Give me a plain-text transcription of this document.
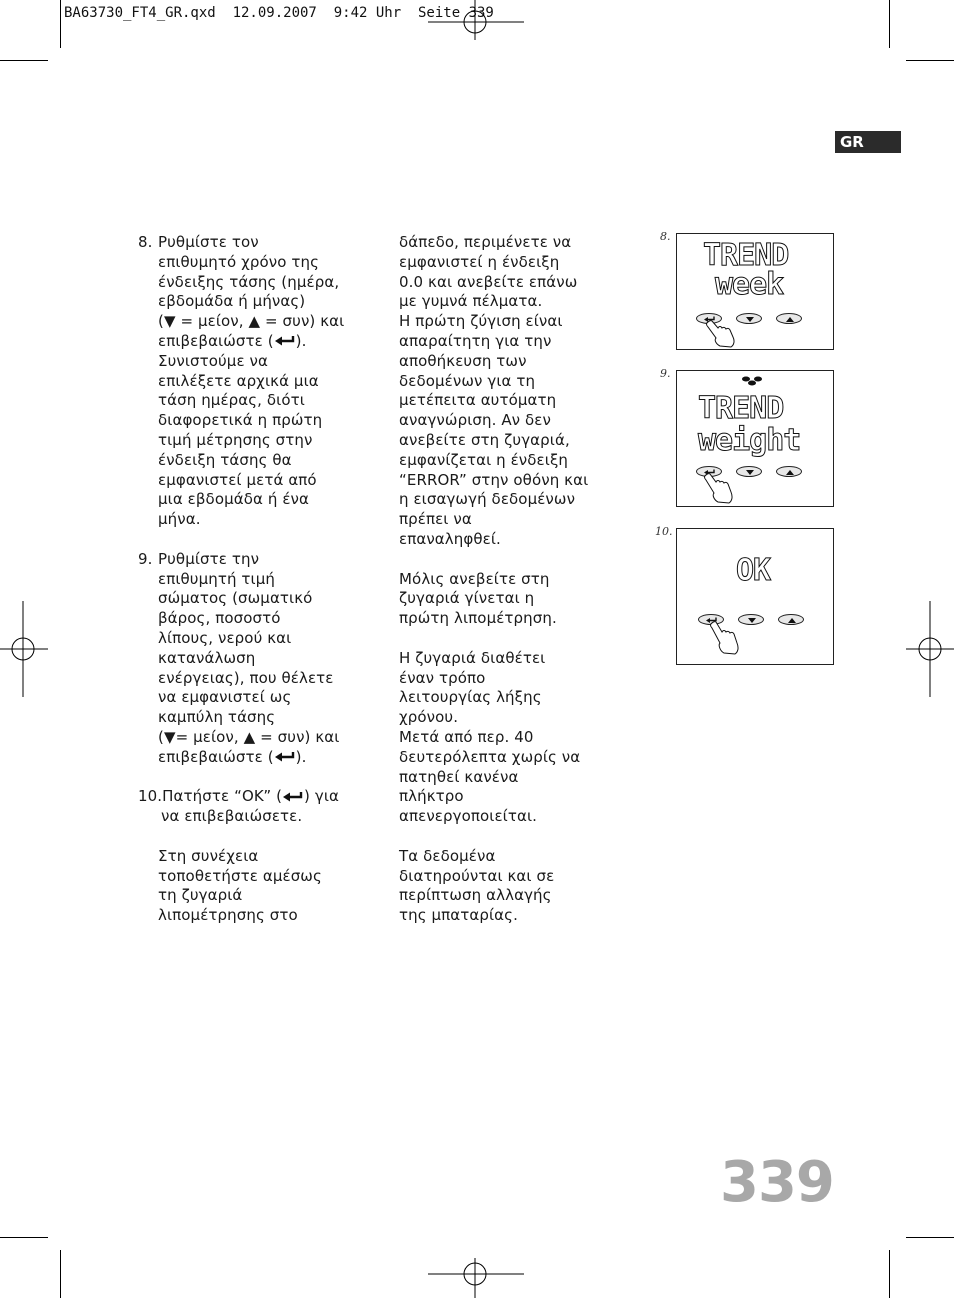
BA63730_FT4_GR.qxd  12.09.2007  9:42 Uhr  Seite 339
GR
8. Ρυθμίστε τον
επιθυμητό χρόνο της
ένδειξης τάσης (ημέρα,
εβδομάδα ή μήνας)
(▼ = μείον, ▲ = συν) και
επιβεβαιώστε ( ).
Συνιστούμε να
επιλέξετε αρχικά μια
τάση ημέρας, διότι
διαφορετικά η πρώτη
τιμή μέτρησης στην
ένδειξη τάσης θα
εμφανιστεί μετά από
μια εβδομάδα ή ένα
μήνα.
9. Ρυθμίστε την
επιθυμητή τιμή
σώματος (σωματικό
βάρος, ποσοστό
λίπους, νερού και
κατανάλωση
ενέργειας), που θέλετε
να εμφανιστεί ως
καμπύλη τάσης
(▼= μείον, ▲ = συν) και
επιβεβαιώστε ( ).
10.Πατήστε “OK” ( ) για
να επιβεβαιώσετε.
Στη συνέχεια
τοποθετήστε αμέσως
τη ζυγαριά
λιπομέτρησης στο
δάπεδο, περιμένετε να
εμφανιστεί η ένδειξη
0.0 και ανεβείτε επάνω
με γυμνά πέλματα.
Η πρώτη ζύγιση είναι
απαραίτητη για την
αποθήκευση των
δεδομένων για τη
μετέπειτα αυτόματη
αναγνώριση. Αν δεν
ανεβείτε στη ζυγαριά,
εμφανίζεται η ένδειξη
“ERROR” στην οθόνη και
η εισαγωγή δεδομένων
πρέπει να
επαναληφθεί.
Μόλις ανεβείτε στη
ζυγαριά γίνεται η
πρώτη λιπομέτρηση.
Η ζυγαριά διαθέτει
έναν τρόπο
λειτουργίας λήξης
χρόνου.
Μετά από περ. 40
δευτερόλεπτα χωρίς να
πατηθεί κανένα
πλήκτρο
απενεργοποιείται.
Τα δεδομένα
διατηρούνται και σε
περίπτωση αλλαγής
της μπαταρίας.
8.
TREND
week
9.
TREND
weight
10.
OK
339
